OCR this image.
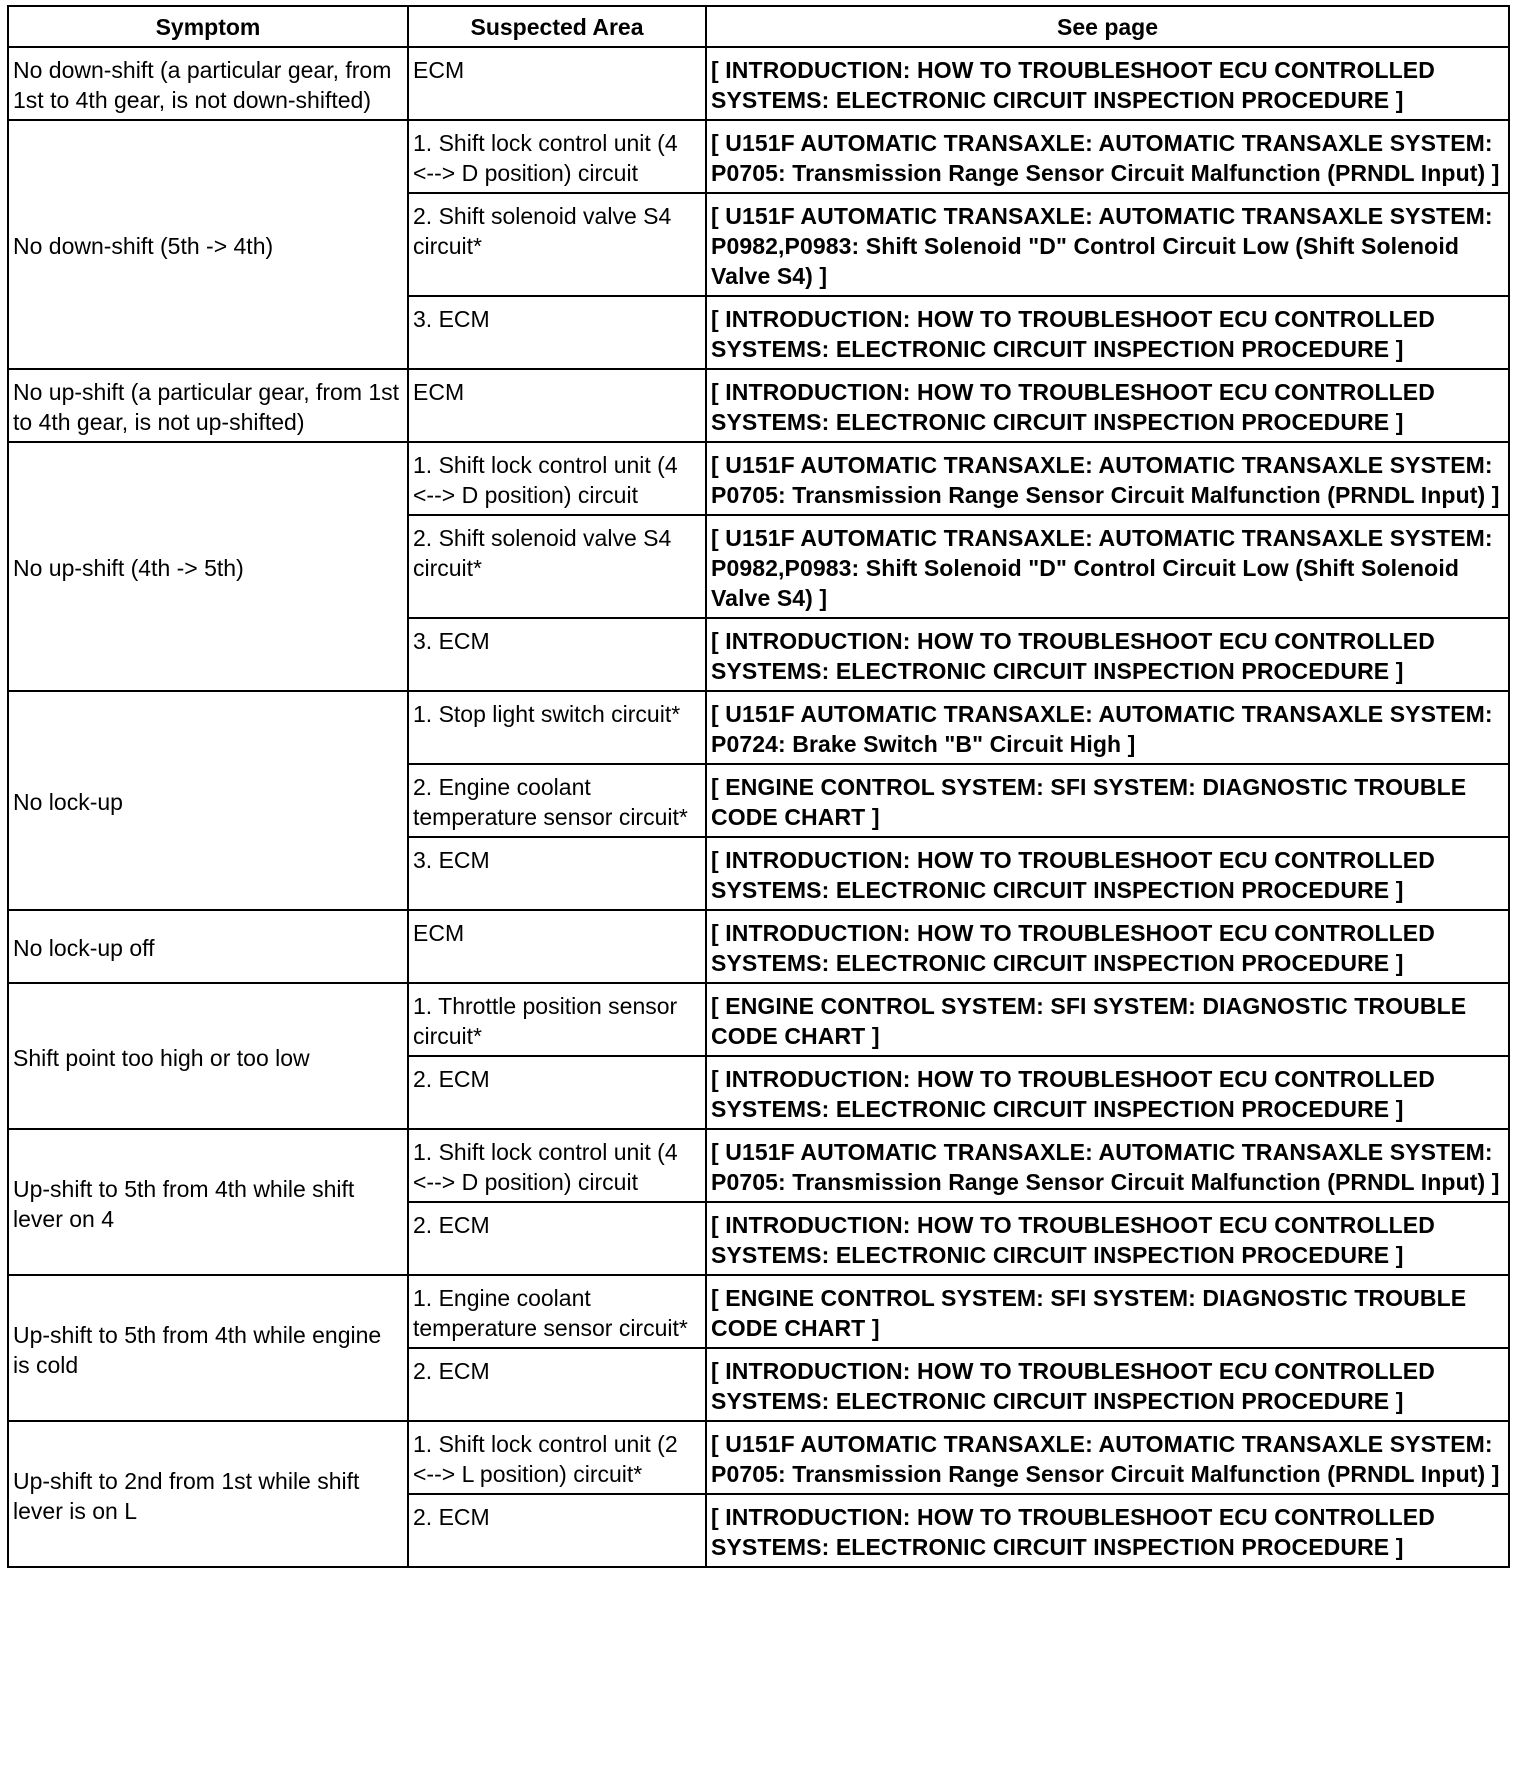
Symptom	Suspected Area	See page
No down-shift (a particular gear, from 1st to 4th gear, is not down-shifted)	ECM	[ INTRODUCTION: HOW TO TROUBLESHOOT ECU CONTROLLED SYSTEMS: ELECTRONIC CIRCUIT INSPECTION PROCEDURE ]
No down-shift (5th -> 4th)	1. Shift lock control unit (4 <--> D position) circuit	[ U151F AUTOMATIC TRANSAXLE: AUTOMATIC TRANSAXLE SYSTEM: P0705: Transmission Range Sensor Circuit Malfunction (PRNDL Input) ]
	2. Shift solenoid valve S4 circuit*	[ U151F AUTOMATIC TRANSAXLE: AUTOMATIC TRANSAXLE SYSTEM: P0982,P0983: Shift Solenoid "D" Control Circuit Low (Shift Solenoid Valve S4) ]
	3. ECM	[ INTRODUCTION: HOW TO TROUBLESHOOT ECU CONTROLLED SYSTEMS: ELECTRONIC CIRCUIT INSPECTION PROCEDURE ]
No up-shift (a particular gear, from 1st to 4th gear, is not up-shifted)	ECM	[ INTRODUCTION: HOW TO TROUBLESHOOT ECU CONTROLLED SYSTEMS: ELECTRONIC CIRCUIT INSPECTION PROCEDURE ]
No up-shift (4th -> 5th)	1. Shift lock control unit (4 <--> D position) circuit	[ U151F AUTOMATIC TRANSAXLE: AUTOMATIC TRANSAXLE SYSTEM: P0705: Transmission Range Sensor Circuit Malfunction (PRNDL Input) ]
	2. Shift solenoid valve S4 circuit*	[ U151F AUTOMATIC TRANSAXLE: AUTOMATIC TRANSAXLE SYSTEM: P0982,P0983: Shift Solenoid "D" Control Circuit Low (Shift Solenoid Valve S4) ]
	3. ECM	[ INTRODUCTION: HOW TO TROUBLESHOOT ECU CONTROLLED SYSTEMS: ELECTRONIC CIRCUIT INSPECTION PROCEDURE ]
No lock-up	1. Stop light switch circuit*	[ U151F AUTOMATIC TRANSAXLE: AUTOMATIC TRANSAXLE SYSTEM: P0724: Brake Switch "B" Circuit High ]
	2. Engine coolant temperature sensor circuit*	[ ENGINE CONTROL SYSTEM: SFI SYSTEM: DIAGNOSTIC TROUBLE CODE CHART ]
	3. ECM	[ INTRODUCTION: HOW TO TROUBLESHOOT ECU CONTROLLED SYSTEMS: ELECTRONIC CIRCUIT INSPECTION PROCEDURE ]
No lock-up off	ECM	[ INTRODUCTION: HOW TO TROUBLESHOOT ECU CONTROLLED SYSTEMS: ELECTRONIC CIRCUIT INSPECTION PROCEDURE ]
Shift point too high or too low	1. Throttle position sensor circuit*	[ ENGINE CONTROL SYSTEM: SFI SYSTEM: DIAGNOSTIC TROUBLE CODE CHART ]
	2. ECM	[ INTRODUCTION: HOW TO TROUBLESHOOT ECU CONTROLLED SYSTEMS: ELECTRONIC CIRCUIT INSPECTION PROCEDURE ]
Up-shift to 5th from 4th while shift lever on 4	1. Shift lock control unit (4 <--> D position) circuit	[ U151F AUTOMATIC TRANSAXLE: AUTOMATIC TRANSAXLE SYSTEM: P0705: Transmission Range Sensor Circuit Malfunction (PRNDL Input) ]
	2. ECM	[ INTRODUCTION: HOW TO TROUBLESHOOT ECU CONTROLLED SYSTEMS: ELECTRONIC CIRCUIT INSPECTION PROCEDURE ]
Up-shift to 5th from 4th while engine is cold	1. Engine coolant temperature sensor circuit*	[ ENGINE CONTROL SYSTEM: SFI SYSTEM: DIAGNOSTIC TROUBLE CODE CHART ]
	2. ECM	[ INTRODUCTION: HOW TO TROUBLESHOOT ECU CONTROLLED SYSTEMS: ELECTRONIC CIRCUIT INSPECTION PROCEDURE ]
Up-shift to 2nd from 1st while shift lever is on L	1. Shift lock control unit (2 <--> L position) circuit*	[ U151F AUTOMATIC TRANSAXLE: AUTOMATIC TRANSAXLE SYSTEM: P0705: Transmission Range Sensor Circuit Malfunction (PRNDL Input) ]
	2. ECM	[ INTRODUCTION: HOW TO TROUBLESHOOT ECU CONTROLLED SYSTEMS: ELECTRONIC CIRCUIT INSPECTION PROCEDURE ]
